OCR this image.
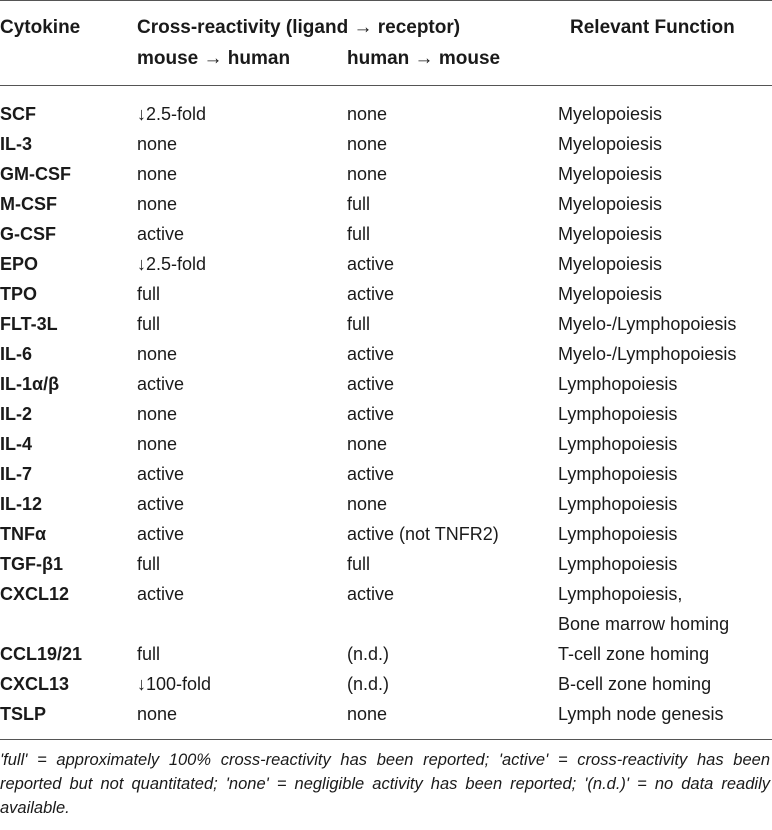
Cytokine	Cross-reactivity (ligand → receptor)
mouse → human	human → mouse
Relevant Function
SCF	↓2.5-fold	none	Myelopoiesis
IL-3	none	none	Myelopoiesis
GM-CSF	none	none	Myelopoiesis
M-CSF	none	full	Myelopoiesis
G-CSF	active	full	Myelopoiesis
EPO	↓2.5-fold	active	Myelopoiesis
TPO	full	active	Myelopoiesis
FLT-3L	full	full	Myelo-/Lymphopoiesis
IL-6	none	active	Myelo-/Lymphopoiesis
IL-1α/β	active	active	Lymphopoiesis
IL-2	none	active	Lymphopoiesis
IL-4	none	none	Lymphopoiesis
IL-7	active	active	Lymphopoiesis
IL-12	active	none	Lymphopoiesis
TNFα	active	active (not TNFR2)	Lymphopoiesis
TGF-β1	full	full	Lymphopoiesis
CXCL12	active	active	Lymphopoiesis,
Bone marrow homing
CCL19/21	full	(n.d.)	T-cell zone homing
CXCL13	↓100-fold	(n.d.)	B-cell zone homing
TSLP	none	none	Lymph node genesis
'full' = approximately 100% cross-reactivity has been reported; 'active' = cross-reactivity has been reported but not quantitated; 'none' = negligible activity has been reported; '(n.d.)' = no data readily available.
